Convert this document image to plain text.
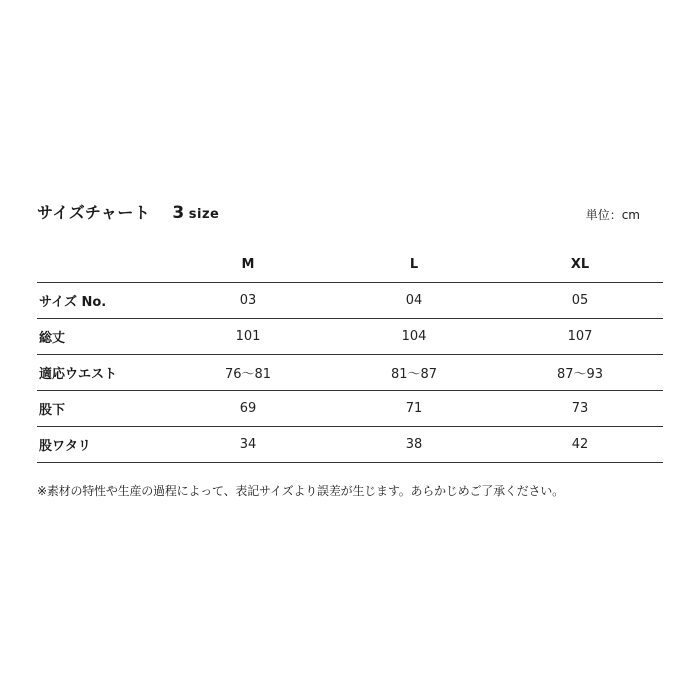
サイズチャート 3 size	単位：cm
	M	L	XL
サイズ No.	03	04	05
総丈	101	104	107
適応ウエスト	76〜81	81〜87	87〜93
股下	69	71	73
股ワタリ	34	38	42
※素材の特性や生産の過程によって、表記サイズより誤差が生じます。あらかじめご了承ください。
